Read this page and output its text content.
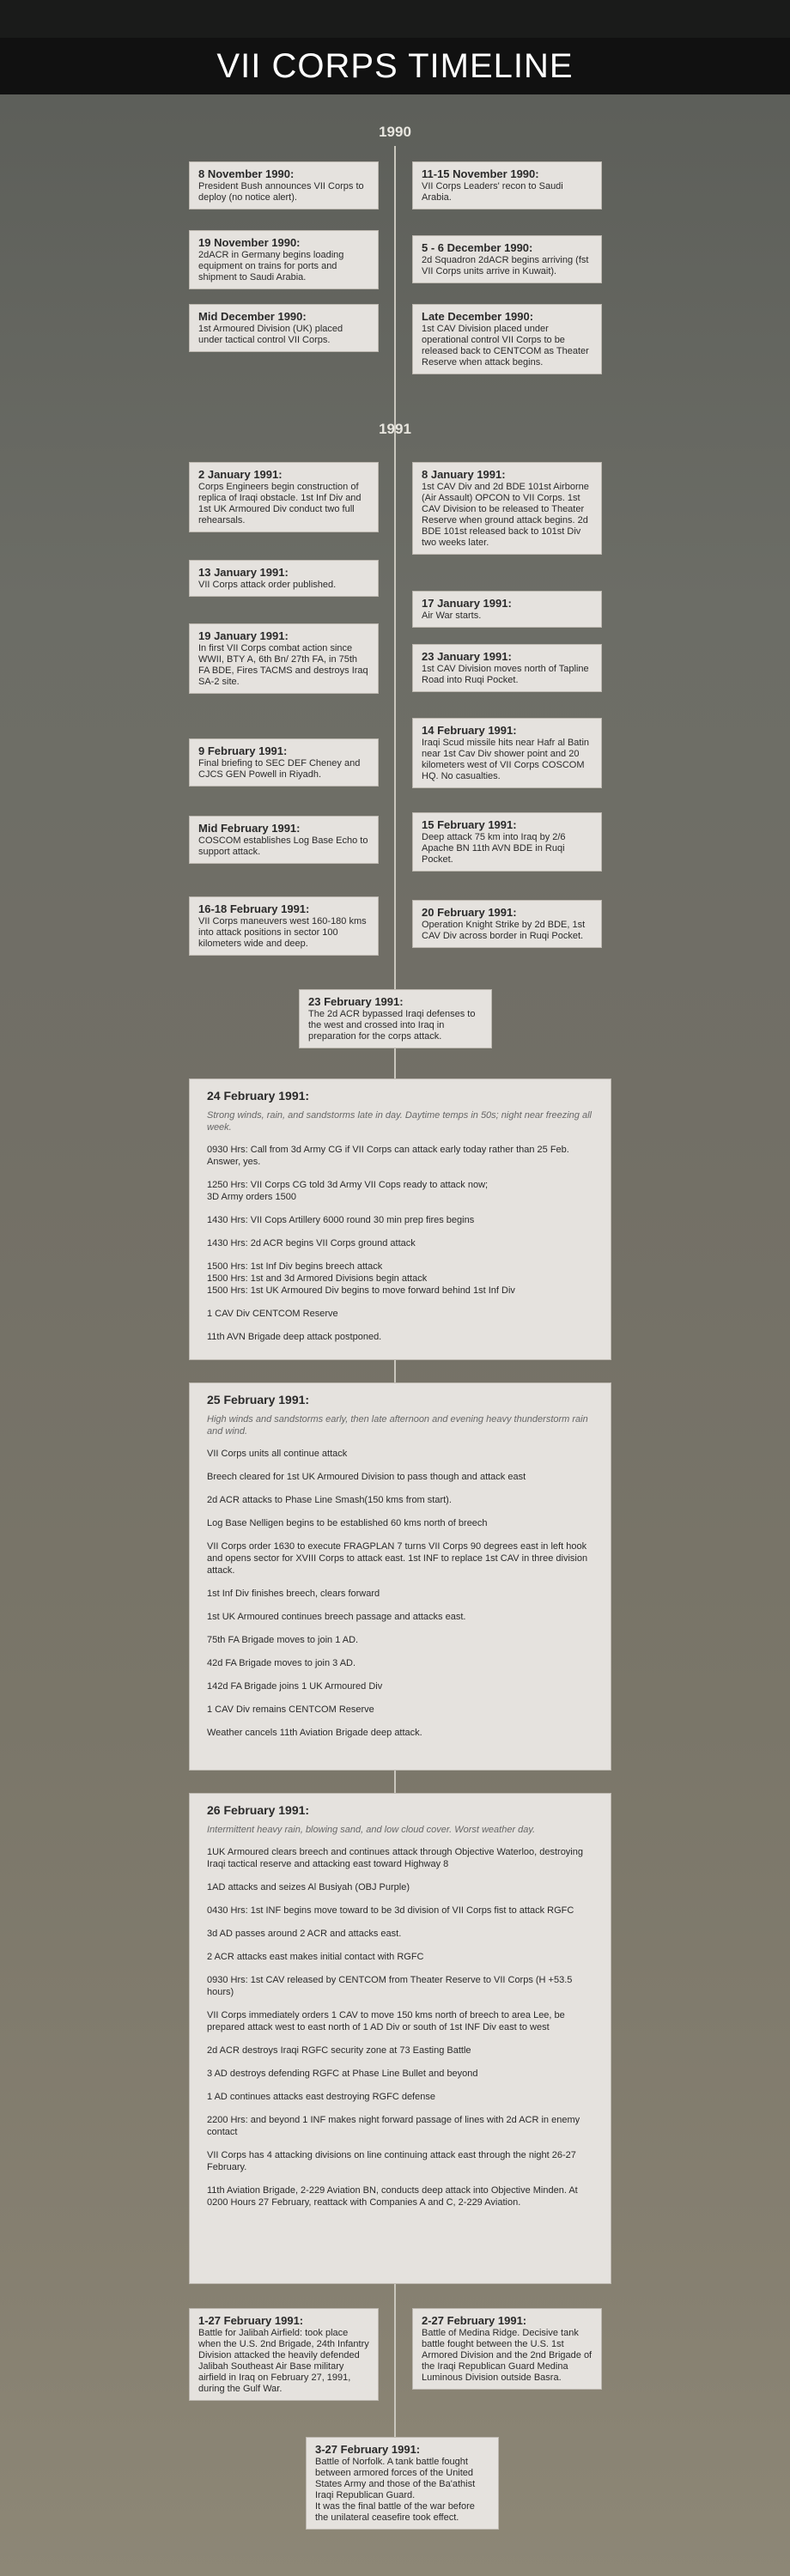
VII CORPS TIMELINE
1990
1991
8 November 1990:

President Bush announces VII Corps to deploy (no notice alert).

11-15 November 1990:

VII Corps Leaders' recon to Saudi Arabia.

19 November 1990:

2dACR in Germany begins loading equipment on trains for ports and shipment to Saudi Arabia.

5 - 6 December 1990:

2d Squadron 2dACR begins arriving (fst VII Corps units arrive in Kuwait).

Mid December 1990:

1st Armoured Division (UK) placed under tactical control VII Corps.

Late December 1990:

1st CAV Division placed under operational control VII Corps to be released back to CENTCOM as Theater Reserve when attack begins.

2 January 1991:

Corps Engineers begin construction of replica of Iraqi obstacle. 1st Inf Div and 1st UK Armoured Div conduct two full rehearsals.

8 January 1991:

1st CAV Div and 2d BDE 101st Airborne (Air Assault) OPCON to VII Corps. 1st CAV Division to be released to Theater Reserve when ground attack begins. 2d BDE 101st released back to 101st Div two weeks later.

13 January 1991:

VII Corps attack order published.

17 January 1991:

Air War starts.

19 January 1991:

In first VII Corps combat action since WWII, BTY A, 6th Bn/ 27th FA, in 75th FA BDE, Fires TACMS and destroys Iraq SA-2 site.

23 January 1991:

1st CAV Division moves north of Tapline Road into Ruqi Pocket.

14 February 1991:

Iraqi Scud missile hits near Hafr al Batin near 1st Cav Div shower point and 20 kilometers west of VII Corps COSCOM HQ. No casualties.

9 February 1991:

Final briefing to SEC DEF Cheney and CJCS GEN Powell in Riyadh.

Mid February 1991:

COSCOM establishes Log Base Echo to support attack.

15 February 1991:

Deep attack 75 km into Iraq by 2/6 Apache BN 11th AVN BDE in Ruqi Pocket.

16-18 February 1991:

VII Corps maneuvers west 160-180 kms into attack positions in sector 100 kilometers wide and deep.

20 February 1991:

Operation Knight Strike by 2d BDE, 1st CAV Div across border in Ruqi Pocket.

23 February 1991:

The 2d ACR bypassed Iraqi defenses to the west and crossed into Iraq in preparation for the corps attack.

24 February 1991:

Strong winds, rain, and sandstorms late in day. Daytime temps in 50s; night near freezing all week.

0930 Hrs: Call from 3d Army CG if VII Corps can attack early today rather than 25 Feb. Answer, yes.

1250 Hrs: VII Corps CG told 3d Army VII Cops ready to attack now;
3D Army orders 1500

1430 Hrs: VII Cops Artillery 6000 round 30 min prep fires begins

1430 Hrs: 2d ACR begins VII Corps ground attack

1500 Hrs: 1st Inf Div begins breech attack
1500 Hrs: 1st and 3d Armored Divisions begin attack
1500 Hrs: 1st UK Armoured Div begins to move forward behind 1st Inf Div

1 CAV Div CENTCOM Reserve

11th AVN Brigade deep attack postponed.

25 February 1991:

High winds and sandstorms early, then late afternoon and evening heavy thunderstorm rain and wind.

VII Corps units all continue attack

Breech cleared for 1st UK Armoured Division to pass though and attack east

2d ACR attacks to Phase Line Smash(150 kms from start).

Log Base Nelligen begins to be established 60 kms north of breech

VII Corps order 1630 to execute FRAGPLAN 7 turns VII Corps 90 degrees east in left hook and opens sector for XVIII Corps to attack east. 1st INF to replace 1st CAV in three division attack.

1st Inf Div finishes breech, clears forward

1st UK Armoured continues breech passage and attacks east.

75th FA Brigade moves to join 1 AD.

42d FA Brigade moves to join 3 AD.

142d FA Brigade joins 1 UK Armoured Div

1 CAV Div remains CENTCOM Reserve

Weather cancels 11th Aviation Brigade deep attack.

26 February 1991:

Intermittent heavy rain, blowing sand, and low cloud cover. Worst weather day.

1UK Armoured clears breech and continues attack through Objective Waterloo, destroying Iraqi tactical reserve and attacking east toward Highway 8

1AD attacks and seizes Al Busiyah (OBJ Purple)

0430 Hrs: 1st INF begins move toward to be 3d division of VII Corps fist to attack RGFC

3d AD passes around 2 ACR and attacks east.

2 ACR attacks east makes initial contact with RGFC

0930 Hrs: 1st CAV released by CENTCOM from Theater Reserve to VII Corps (H +53.5 hours)

VII Corps immediately orders 1 CAV to move 150 kms north of breech to area Lee, be prepared attack west to east north of 1 AD Div or south of 1st INF Div east to west

2d ACR destroys Iraqi RGFC security zone at 73 Easting Battle

3 AD destroys defending RGFC at Phase Line Bullet and beyond

1 AD continues attacks east destroying RGFC defense

2200 Hrs: and beyond 1 INF makes night forward passage of lines with 2d ACR in enemy contact

VII Corps has 4 attacking divisions on line continuing attack east through the night 26-27 February.

11th Aviation Brigade, 2-229 Aviation BN, conducts deep attack into Objective Minden. At 0200 Hours 27 February, reattack with Companies A and C, 2-229 Aviation.

1-27 February 1991:

Battle for Jalibah Airfield: took place when the U.S. 2nd Brigade, 24th Infantry Division attacked the heavily defended Jalibah Southeast Air Base military airfield in Iraq on February 27, 1991, during the Gulf War.

2-27 February 1991:

Battle of Medina Ridge. Decisive tank battle fought between the U.S. 1st Armored Division and the 2nd Brigade of the Iraqi Republican Guard Medina Luminous Division outside Basra.

3-27 February 1991:

Battle of Norfolk. A tank battle fought between armored forces of the United States Army and those of the Ba'athist Iraqi Republican Guard.
It was the final battle of the war before the unilateral ceasefire took effect.
